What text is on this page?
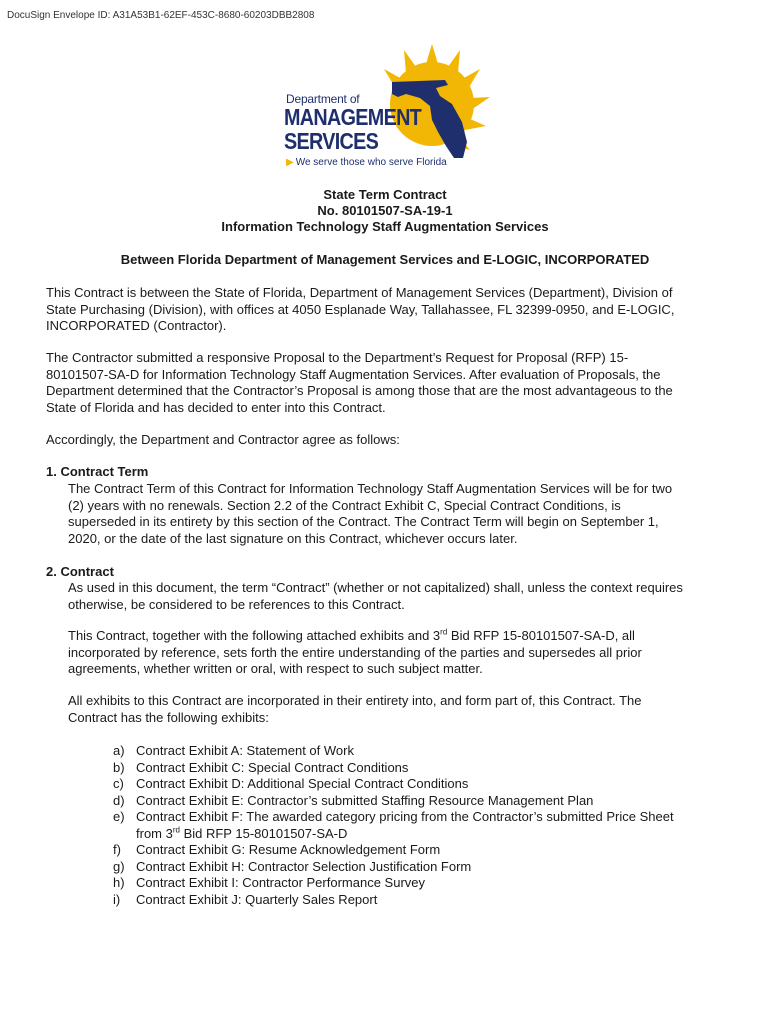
DocuSign Envelope ID: A31A53B1-62EF-453C-8680-60203DBB2808
Department of
MANAGEMENT
SERVICES
▶ We serve those who serve Florida
State Term Contract
No. 80101507-SA-19-1
Information Technology Staff Augmentation Services
Between Florida Department of Management Services and E-LOGIC, INCORPORATED
This Contract is between the State of Florida, Department of Management Services (Department), Division of
State Purchasing (Division), with offices at 4050 Esplanade Way, Tallahassee, FL 32399-0950, and E-LOGIC,
INCORPORATED (Contractor).
The Contractor submitted a responsive Proposal to the Department’s Request for Proposal (RFP) 15-
80101507-SA-D for Information Technology Staff Augmentation Services. After evaluation of Proposals, the
Department determined that the Contractor’s Proposal is among those that are the most advantageous to the
State of Florida and has decided to enter into this Contract.
Accordingly, the Department and Contractor agree as follows:
1. Contract Term
The Contract Term of this Contract for Information Technology Staff Augmentation Services will be for two
(2) years with no renewals. Section 2.2 of the Contract Exhibit C, Special Contract Conditions, is
superseded in its entirety by this section of the Contract. The Contract Term will begin on September 1,
2020, or the date of the last signature on this Contract, whichever occurs later.
2. Contract
As used in this document, the term “Contract” (whether or not capitalized) shall, unless the context requires
otherwise, be considered to be references to this Contract.
This Contract, together with the following attached exhibits and 3rd Bid RFP 15-80101507-SA-D, all
incorporated by reference, sets forth the entire understanding of the parties and supersedes all prior
agreements, whether written or oral, with respect to such subject matter.
All exhibits to this Contract are incorporated in their entirety into, and form part of, this Contract. The
Contract has the following exhibits:
a) Contract Exhibit A: Statement of Work
b) Contract Exhibit C: Special Contract Conditions
c) Contract Exhibit D: Additional Special Contract Conditions
d) Contract Exhibit E: Contractor’s submitted Staffing Resource Management Plan
e) Contract Exhibit F: The awarded category pricing from the Contractor’s submitted Price Sheet
from 3rd Bid RFP 15-80101507-SA-D
f) Contract Exhibit G: Resume Acknowledgement Form
g) Contract Exhibit H: Contractor Selection Justification Form
h) Contract Exhibit I: Contractor Performance Survey
i) Contract Exhibit J: Quarterly Sales Report
